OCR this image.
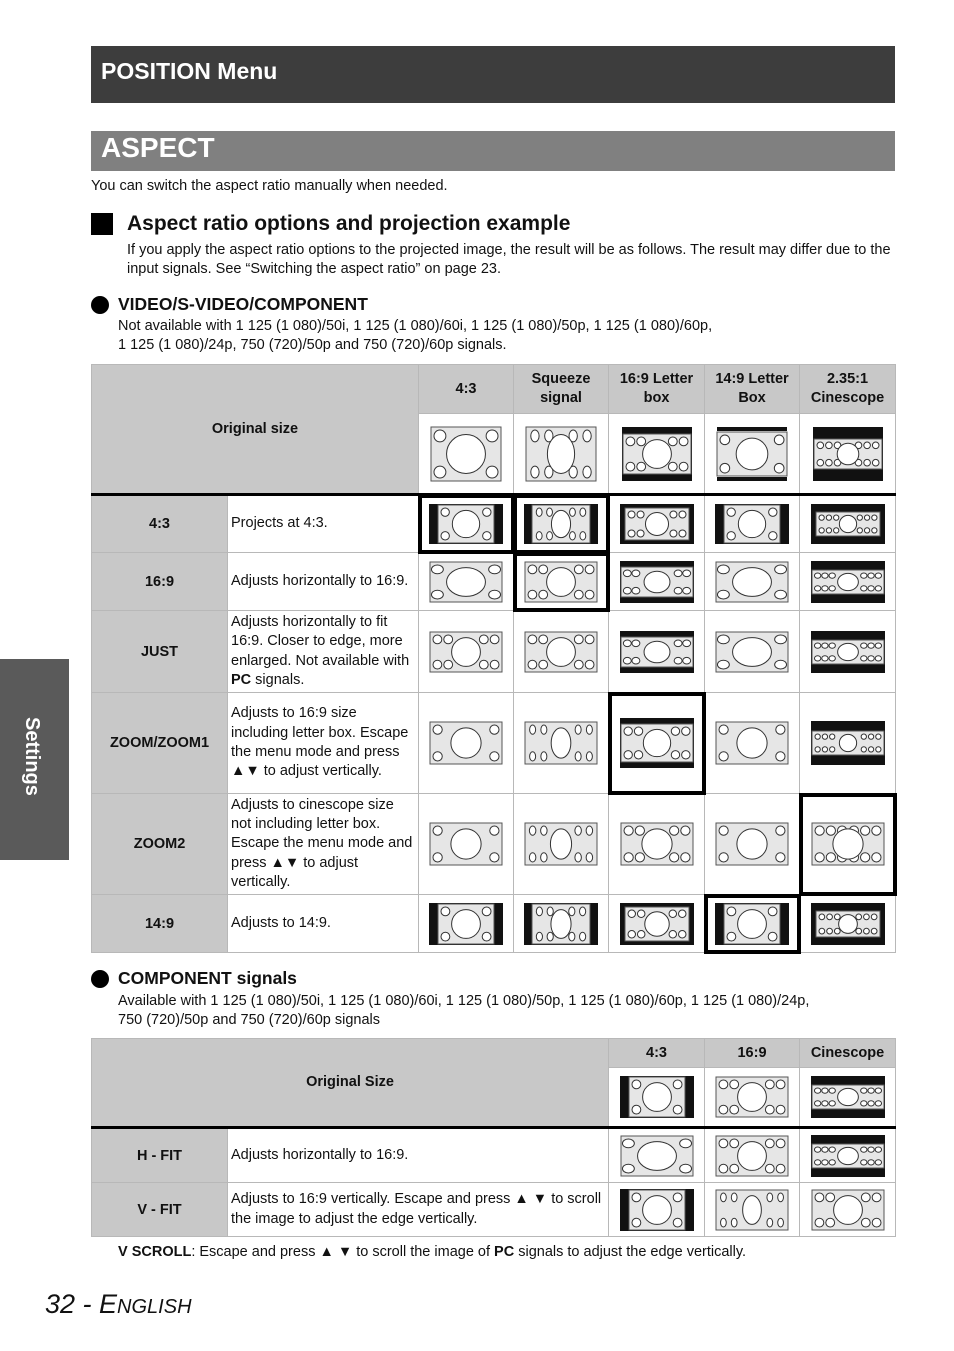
POSITION Menu
ASPECT
You can switch the aspect ratio manually when needed.
Aspect ratio options and projection example
If you apply the aspect ratio options to the projected image, the result will be as follows. The result may differ due to the input signals. See “Switching the aspect ratio” on page 23.
VIDEO/S-VIDEO/COMPONENT
Not available with 1 125 (1 080)/50i, 1 125 (1 080)/60i, 1 125 (1 080)/50p, 1 125 (1 080)/60p,
1 125 (1 080)/24p, 750 (720)/50p and 750 (720)/60p signals.
Original size		4:3	Squeeze signal	16:9 Letter box	14:9 Letter Box	2.35:1 Cinescope

4:3	Projects at 4:3.	

16:9	Adjusts horizontally to 16:9.	

JUST	Adjusts horizontally to fit 16:9. Closer to edge, more enlarged. Not available with PC signals.	

ZOOM/ZOOM1	Adjusts to 16:9 size including letter box. Escape the menu mode and press ▲▼ to adjust vertically.	

ZOOM2	Adjusts to cinescope size not including letter box. Escape the menu mode and press ▲▼ to adjust vertically.	

14:9	Adjusts to 14:9.	

COMPONENT signals
Available with 1 125 (1 080)/50i, 1 125 (1 080)/60i, 1 125 (1 080)/50p, 1 125 (1 080)/60p, 1 125 (1 080)/24p,
750 (720)/50p and 750 (720)/60p signals
Original Size		4:3	16:9	Cinescope

H - FIT	Adjusts horizontally to 16:9.	

V - FIT	Adjusts to 16:9 vertically. Escape and press ▲ ▼ to scroll the image to adjust the edge vertically.	

V SCROLL: Escape and press ▲ ▼ to scroll the image of PC signals to adjust the edge vertically.
Settings
32 - ENGLISH
